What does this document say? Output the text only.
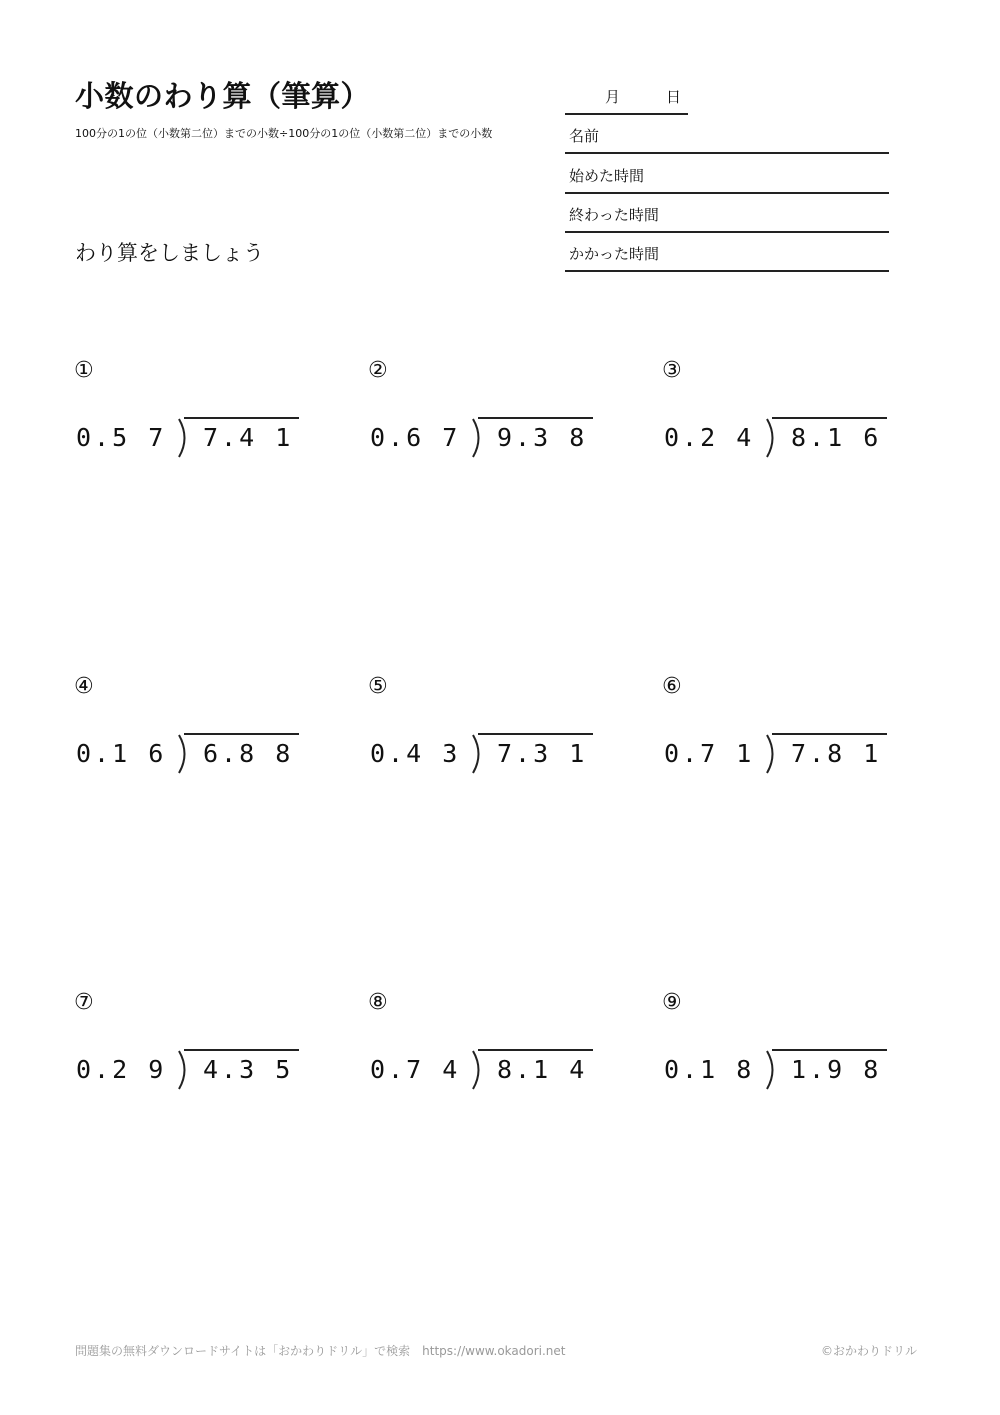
小数のわり算（筆算）
100分の1の位（小数第二位）までの小数÷100分の1の位（小数第二位）までの小数
わり算をしましょう
月	日
名前
始めた時間
終わった時間
かかった時間
①
0.5 7 7.4 1
②
0.6 7 9.3 8
③
0.2 4 8.1 6
④
0.1 6 6.8 8
⑤
0.4 3 7.3 1
⑥
0.7 1 7.8 1
⑦
0.2 9 4.3 5
⑧
0.7 4 8.1 4
⑨
0.1 8 1.9 8
問題集の無料ダウンロードサイトは「おかわりドリル」で検索　https://www.okadori.net	©おかわりドリル
